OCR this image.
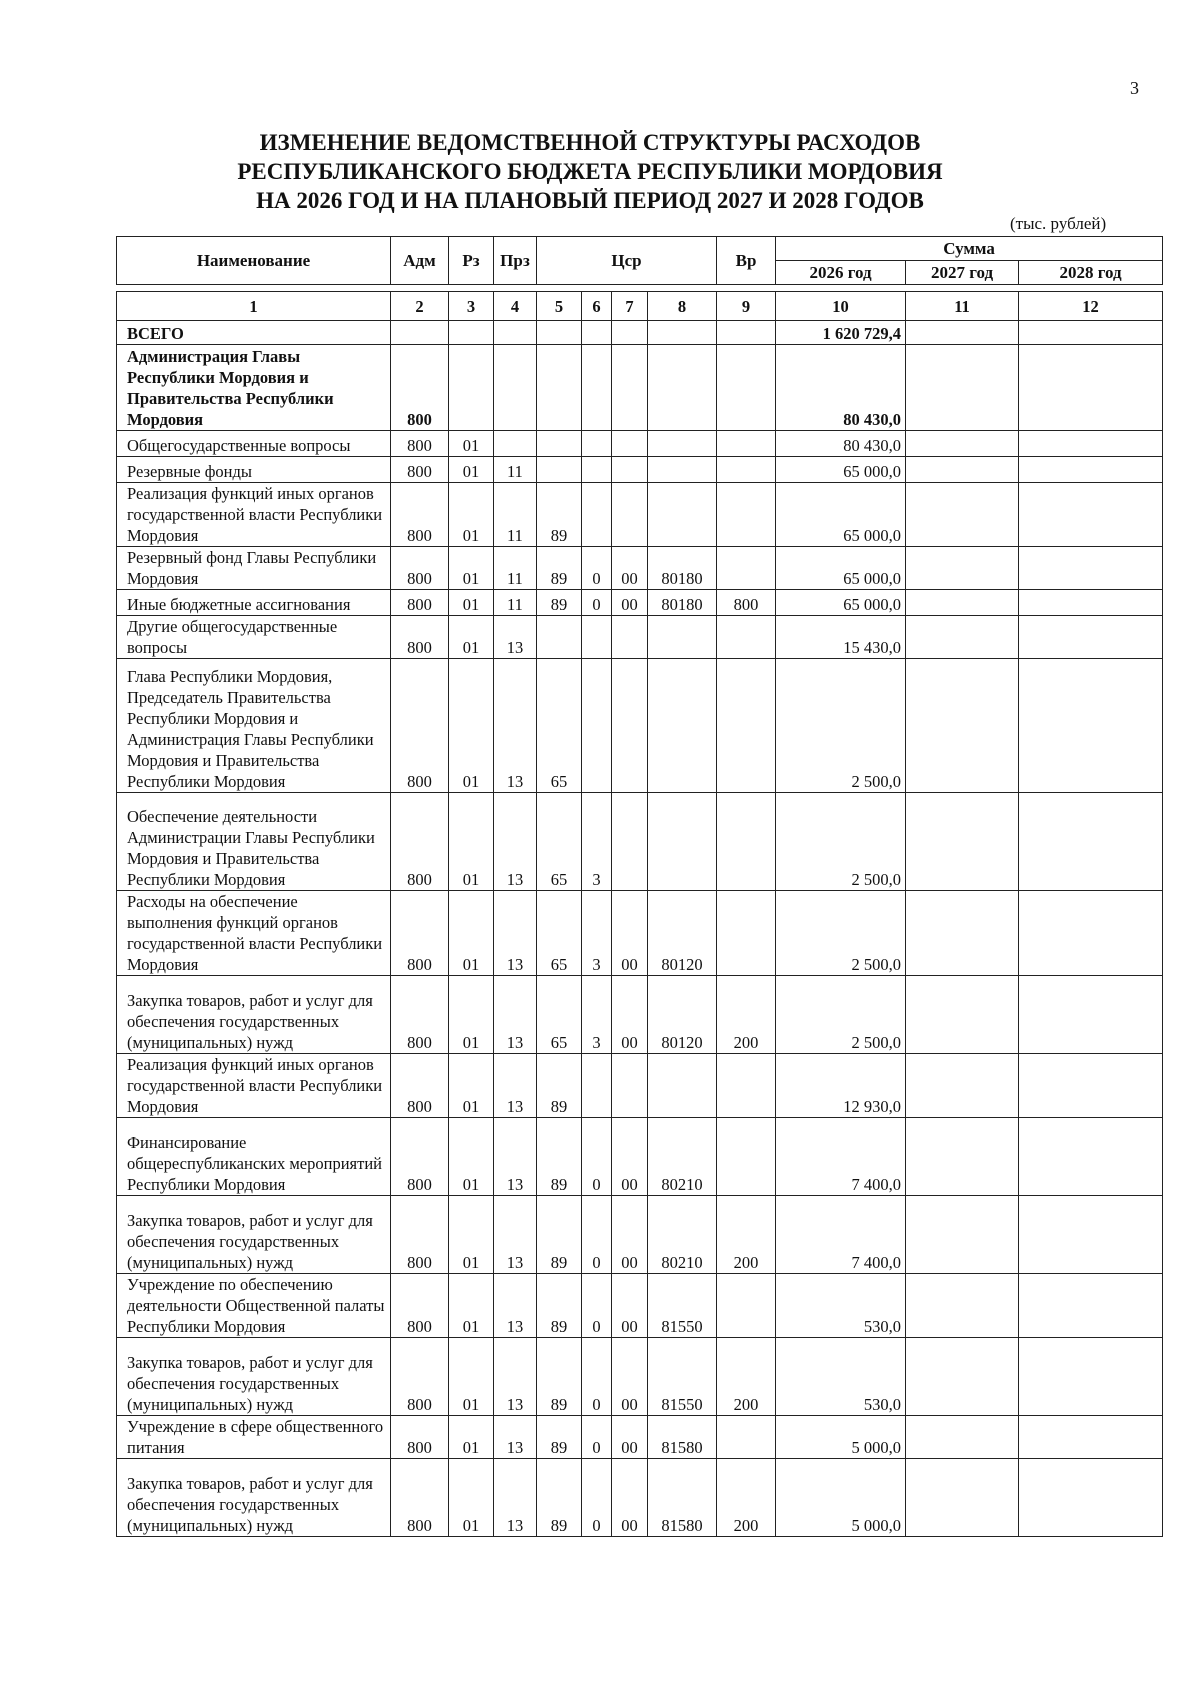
3
ИЗМЕНЕНИЕ ВЕДОМСТВЕННОЙ СТРУКТУРЫ РАСХОДОВ
РЕСПУБЛИКАНСКОГО БЮДЖЕТА РЕСПУБЛИКИ МОРДОВИЯ
НА 2026 ГОД И НА ПЛАНОВЫЙ ПЕРИОД 2027 И 2028 ГОДОВ
(тыс. рублей)
Наименование	Адм	Рз	Прз	Цср	Вр	Сумма		
						2026 год	2027 год	2028 год
1	2	3	4	5	6	7	8	9	10	11	12
ВСЕГО									1 620 729,4		
Администрация Главы Республики Мордовия и Правительства Республики Мордовия	800								80 430,0		
Общегосударственные вопросы	800	01							80 430,0		
Резервные фонды	800	01	11						65 000,0		
Реализация функций иных органов государственной власти Республики Мордовия	800	01	11	89					65 000,0		
Резервный фонд Главы Республики Мордовия	800	01	11	89	0	00	80180		65 000,0		
Иные бюджетные ассигнования	800	01	11	89	0	00	80180	800	65 000,0		
Другие общегосударственные вопросы	800	01	13						15 430,0		
Глава Республики Мордовия, Председатель Правительства Республики Мордовия и Администрация Главы Республики Мордовия и Правительства Республики Мордовия	800	01	13	65					2 500,0		
Обеспечение деятельности Администрации Главы Республики Мордовия и Правительства Республики Мордовия	800	01	13	65	3				2 500,0		
Расходы на обеспечение выполнения функций органов государственной власти Республики Мордовия	800	01	13	65	3	00	80120		2 500,0		
Закупка товаров, работ и услуг для обеспечения государственных (муниципальных) нужд	800	01	13	65	3	00	80120	200	2 500,0		
Реализация функций иных органов государственной власти Республики Мордовия	800	01	13	89					12 930,0		
Финансирование общереспубликанских мероприятий Республики Мордовия	800	01	13	89	0	00	80210		7 400,0		
Закупка товаров, работ и услуг для обеспечения государственных (муниципальных) нужд	800	01	13	89	0	00	80210	200	7 400,0		
Учреждение по обеспечению деятельности Общественной палаты Республики Мордовия	800	01	13	89	0	00	81550		530,0		
Закупка товаров, работ и услуг для обеспечения государственных (муниципальных) нужд	800	01	13	89	0	00	81550	200	530,0		
Учреждение в сфере общественного питания	800	01	13	89	0	00	81580		5 000,0		
Закупка товаров, работ и услуг для обеспечения государственных (муниципальных) нужд	800	01	13	89	0	00	81580	200	5 000,0		
